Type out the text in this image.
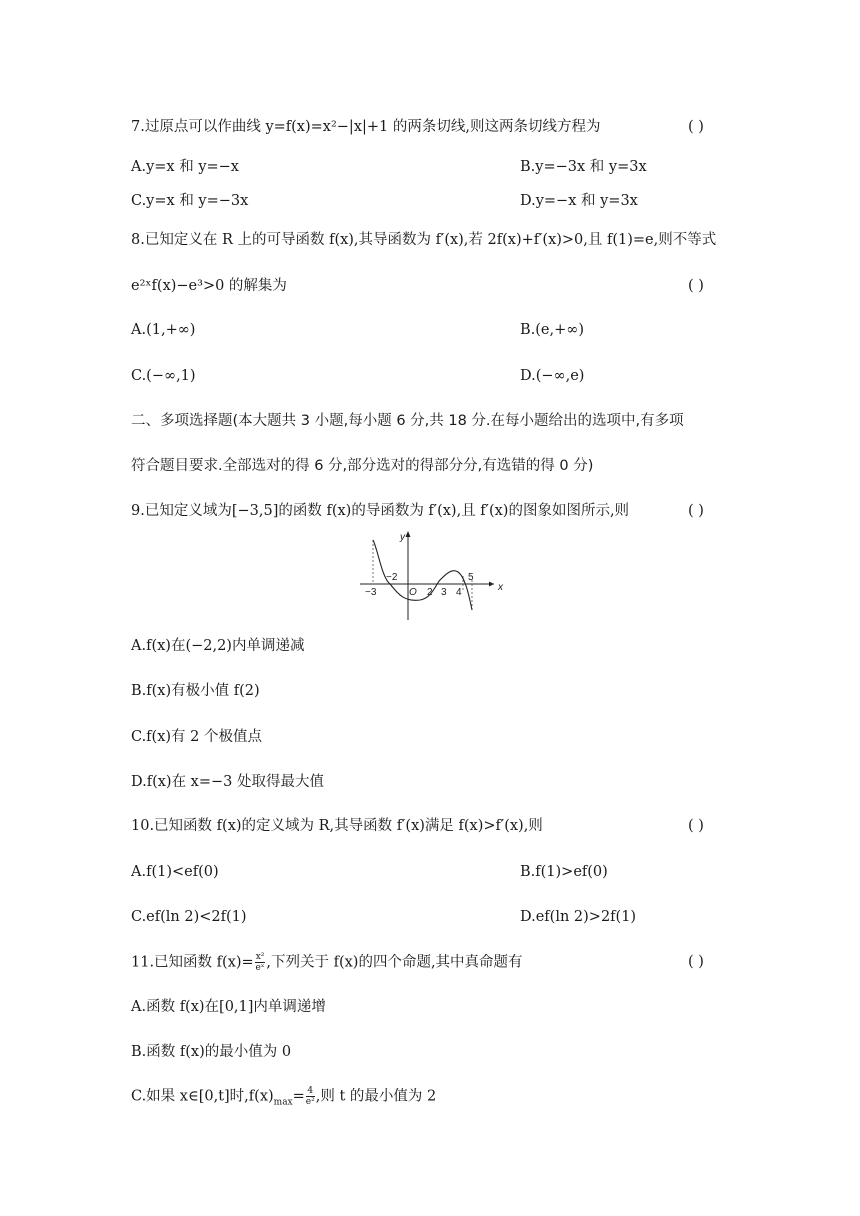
7.过原点可以作曲线 y=f(x)=x²−|x|+1 的两条切线,则这两条切线方程为	( )
A.y=x 和 y=−x	B.y=−3x 和 y=3x
C.y=x 和 y=−3x	D.y=−x 和 y=3x
8.已知定义在 R 上的可导函数 f(x),其导函数为 f′(x),若 2f(x)+f′(x)>0,且 f(1)=e,则不等式
e²ˣf(x)−e³>0 的解集为	( )
A.(1,+∞)	B.(e,+∞)
C.(−∞,1)	D.(−∞,e)
二、多项选择题(本大题共 3 小题,每小题 6 分,共 18 分.在每小题给出的选项中,有多项
符合题目要求.全部选对的得 6 分,部分选对的得部分分,有选错的得 0 分)
9.已知定义域为[−3,5]的函数 f(x)的导函数为 f′(x),且 f′(x)的图象如图所示,则	( )
y
x
O
−3
−2
2 3 4
5
A.f(x)在(−2,2)内单调递减
B.f(x)有极小值 f(2)
C.f(x)有 2 个极值点
D.f(x)在 x=−3 处取得最大值
10.已知函数 f(x)的定义域为 R,其导函数 f′(x)满足 f(x)>f′(x),则	( )
A.f(1)<ef(0)	B.f(1)>ef(0)
C.ef(ln 2)<2f(1)	D.ef(ln 2)>2f(1)
11.已知函数 $f(x)= \frac{\text{x²}}{\text{eˣ}}$ ,下列关于 f(x)的四个命题,其中真命题有	( )
A.函数 f(x)在[0,1]内单调递增
B.函数 f(x)的最小值为 0
C.如果 x∈[0,t]时$,f(x)_{max}= \frac{4}{\text{e²}}$ ,则 t 的最小值为 2
